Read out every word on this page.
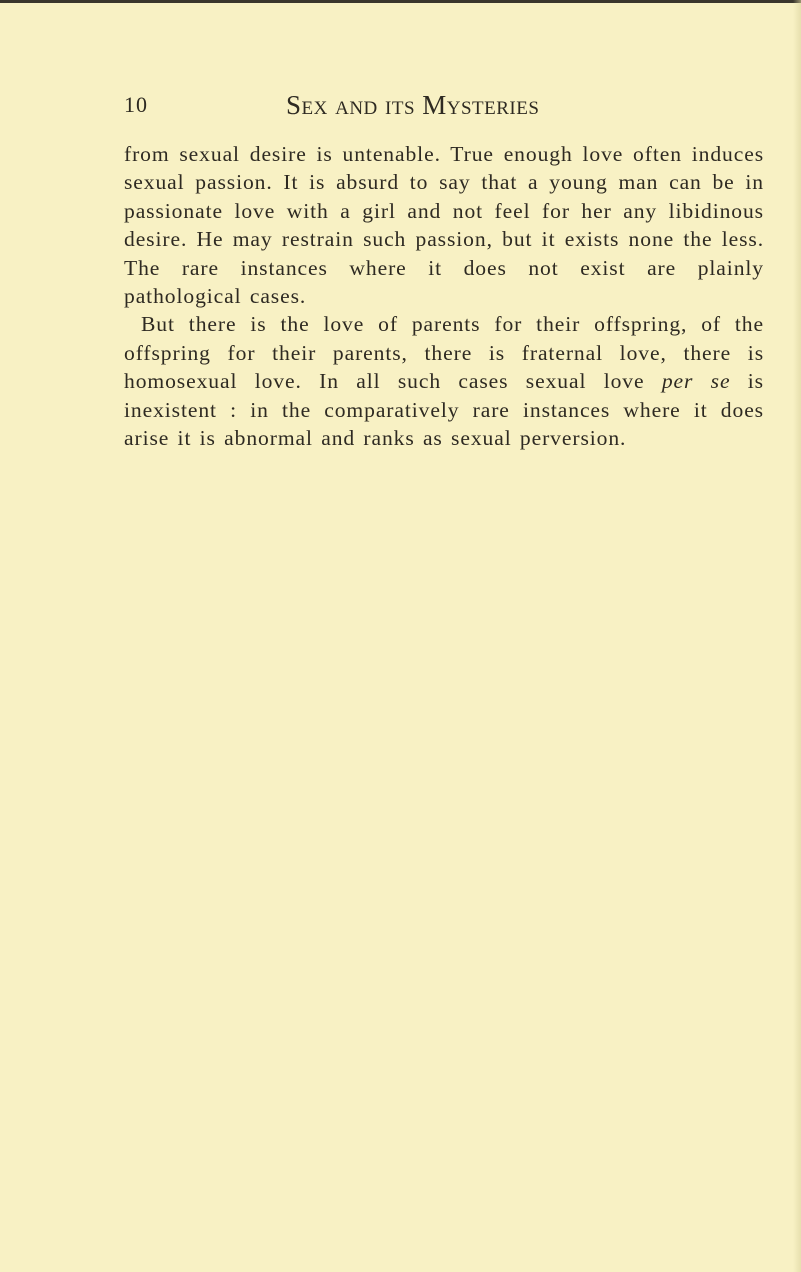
10	Sex and its Mysteries

from sexual desire is untenable. True enough love often induces sexual passion. It is absurd to say that a young man can be in passionate love with a girl and not feel for her any libidinous desire. He may restrain such passion, but it exists none the less. The rare instances where it does not exist are plainly pathological cases.

But there is the love of parents for their offspring, of the offspring for their parents, there is fraternal love, there is homosexual love. In all such cases sexual love per se is inexistent : in the comparatively rare instances where it does arise it is abnormal and ranks as sexual perversion.
